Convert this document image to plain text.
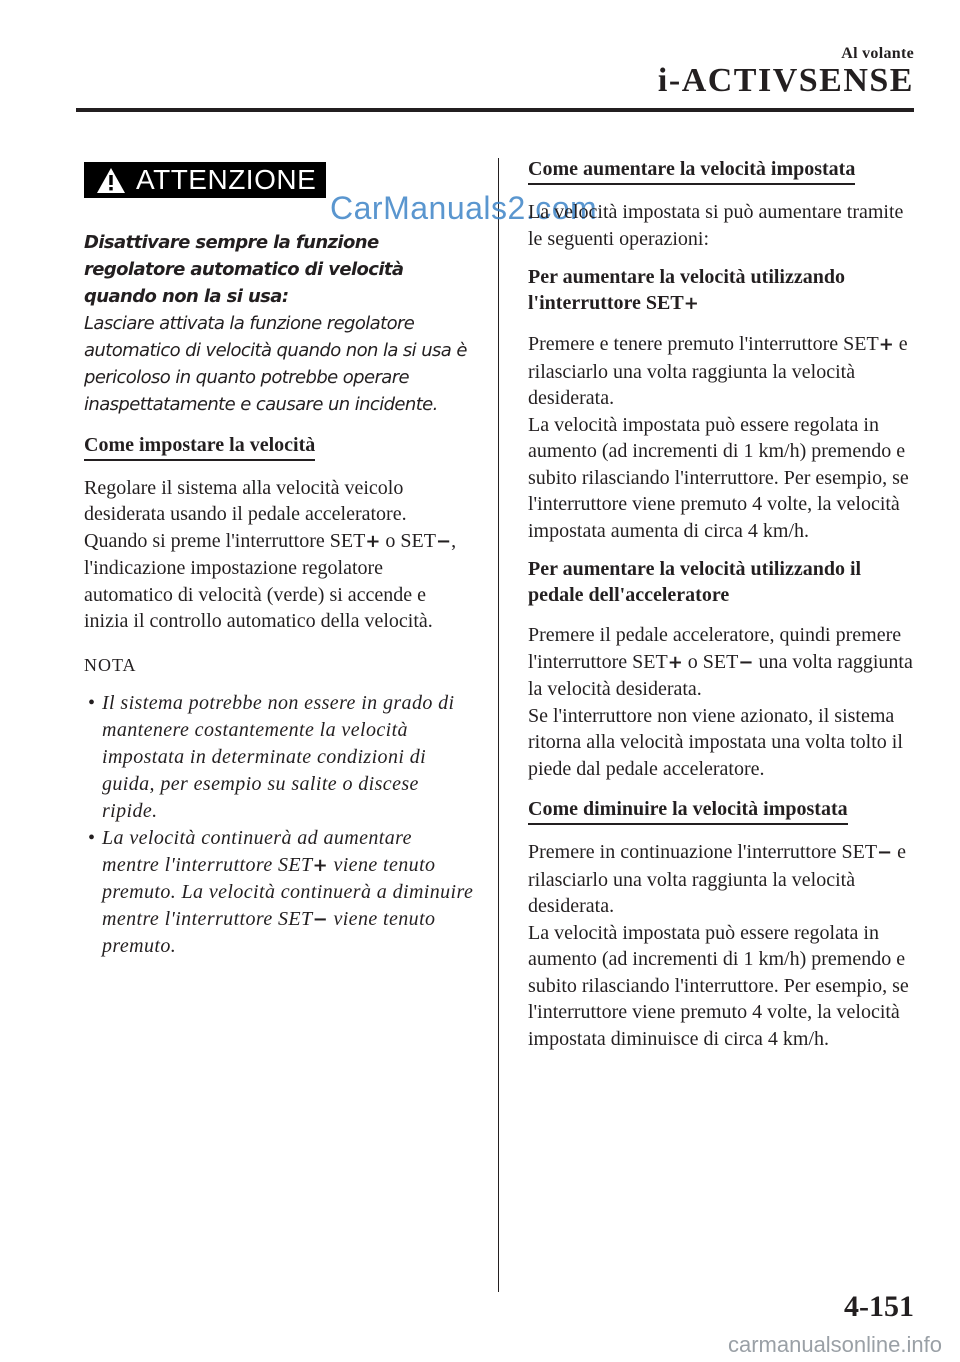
Al volante
i-ACTIVSENSE
CarManuals2.com
ATTENZIONE

Disattivare sempre la funzione regolatore automatico di velocità quando non la si usa:

Lasciare attivata la funzione regolatore automatico di velocità quando non la si usa è pericoloso in quanto potrebbe operare inaspettatamente e causare un incidente.

Come impostare la velocità

Regolare il sistema alla velocità veicolo desiderata usando il pedale acceleratore. Quando si preme l'interruttore SET+ o SET−, l'indicazione impostazione regolatore automatico di velocità (verde) si accende e inizia il controllo automatico della velocità.

NOTA
• Il sistema potrebbe non essere in grado di mantenere costantemente la velocità impostata in determinate condizioni di guida, per esempio su salite o discese ripide.
• La velocità continuerà ad aumentare mentre l'interruttore SET+ viene tenuto premuto. La velocità continuerà a diminuire mentre l'interruttore SET− viene tenuto premuto.
Come aumentare la velocità impostata

La velocità impostata si può aumentare tramite le seguenti operazioni:

Per aumentare la velocità utilizzando l'interruttore SET+

Premere e tenere premuto l'interruttore SET+ e rilasciarlo una volta raggiunta la velocità desiderata.
La velocità impostata può essere regolata in aumento (ad incrementi di 1 km/h) premendo e subito rilasciando l'interruttore. Per esempio, se l'interruttore viene premuto 4 volte, la velocità impostata aumenta di circa 4 km/h.

Per aumentare la velocità utilizzando il pedale dell'acceleratore

Premere il pedale acceleratore, quindi premere l'interruttore SET+ o SET− una volta raggiunta la velocità desiderata.
Se l'interruttore non viene azionato, il sistema ritorna alla velocità impostata una volta tolto il piede dal pedale acceleratore.

Come diminuire la velocità impostata

Premere in continuazione l'interruttore SET− e rilasciarlo una volta raggiunta la velocità desiderata.
La velocità impostata può essere regolata in aumento (ad incrementi di 1 km/h) premendo e subito rilasciando l'interruttore. Per esempio, se l'interruttore viene premuto 4 volte, la velocità impostata diminuisce di circa 4 km/h.

4-151
carmanualsonline.info
